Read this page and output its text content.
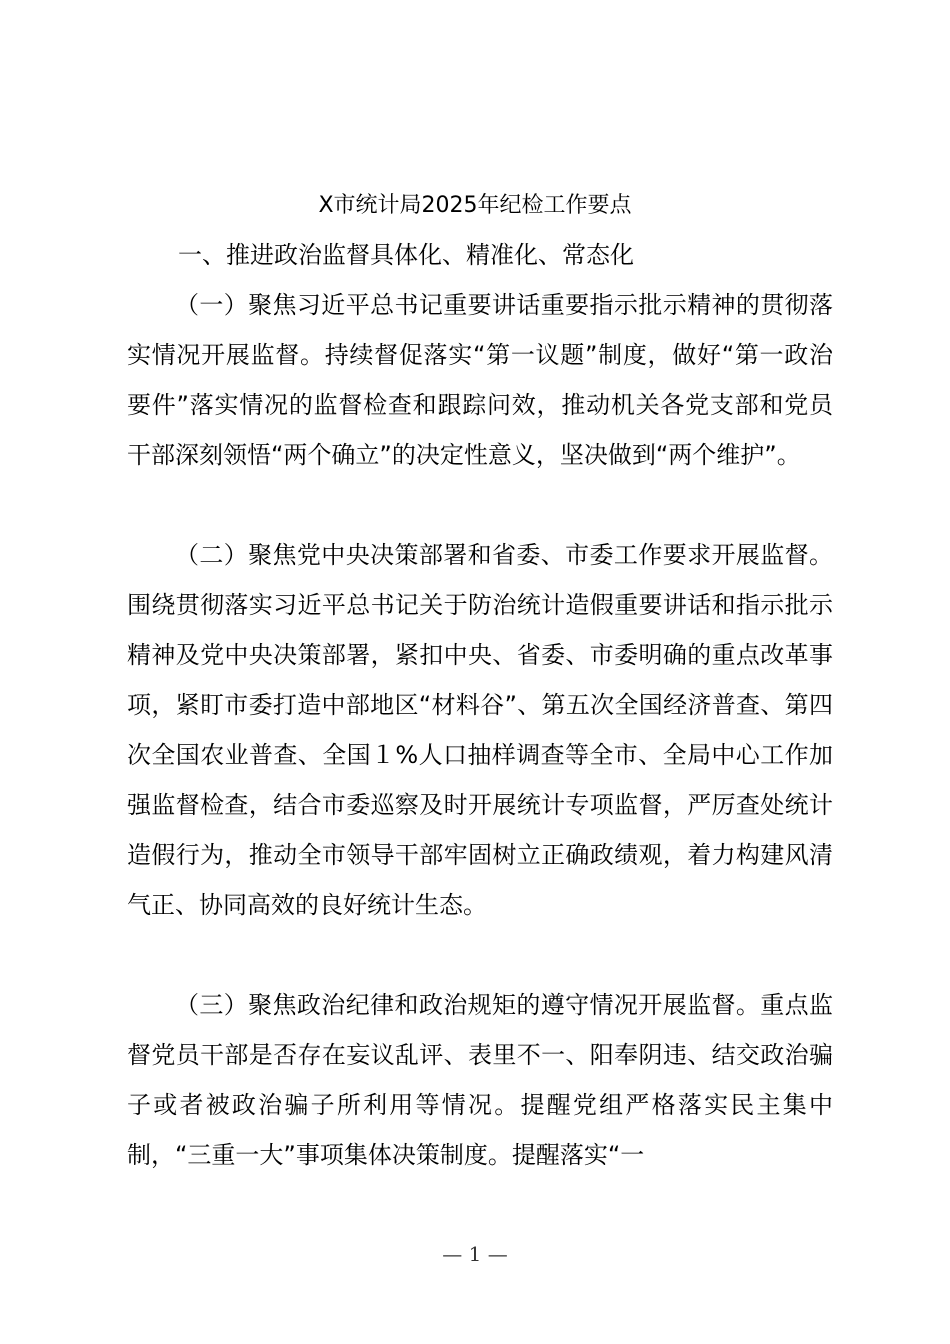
X市统计局2025年纪检工作要点
一、推进政治监督具体化、精准化、常态化

（一）聚焦习近平总书记重要讲话重要指示批示精神的贯彻落实情况开展监督。持续督促落实“第一议题”制度，做好“第一政治要件”落实情况的监督检查和跟踪问效，推动机关各党支部和党员干部深刻领悟“两个确立”的决定性意义，坚决做到“两个维护”。

（二）聚焦党中央决策部署和省委、市委工作要求开展监督。围绕贯彻落实习近平总书记关于防治统计造假重要讲话和指示批示精神及党中央决策部署，紧扣中央、省委、市委明确的重点改革事项，紧盯市委打造中部地区“材料谷”、第五次全国经济普查、第四次全国农业普查、全国１%人口抽样调查等全市、全局中心工作加强监督检查，结合市委巡察及时开展统计专项监督，严厉查处统计造假行为，推动全市领导干部牢固树立正确政绩观，着力构建风清气正、协同高效的良好统计生态。

（三）聚焦政治纪律和政治规矩的遵守情况开展监督。重点监督党员干部是否存在妄议乱评、表里不一、阳奉阴违、结交政治骗子或者被政治骗子所利用等情况。提醒党组严格落实民主集中制，“三重一大”事项集体决策制度。提醒落实“一

— 1 —
